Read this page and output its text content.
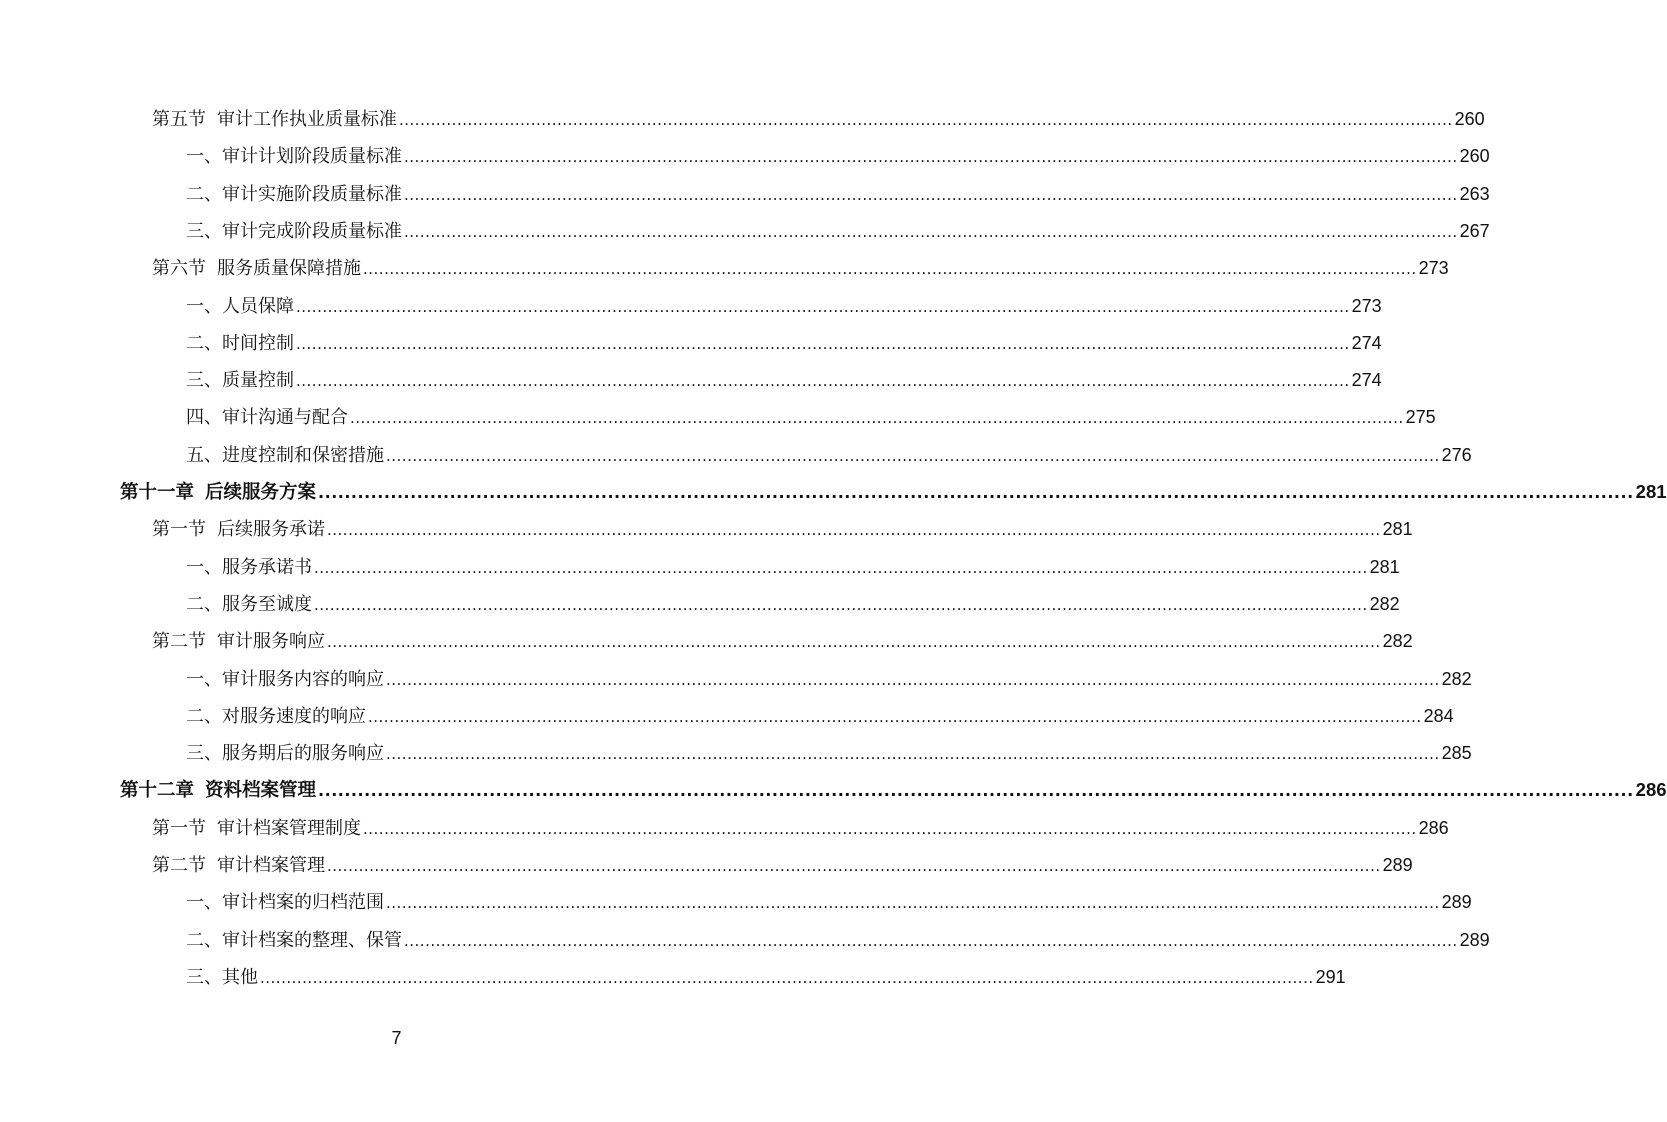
第五节 审计工作执业质量标准 ........................................................................................................................................................................................................ 260
一、 审计计划阶段质量标准 ........................................................................................................................................................................................................ 260
二、 审计实施阶段质量标准 ........................................................................................................................................................................................................ 263
三、 审计完成阶段质量标准 ........................................................................................................................................................................................................ 267
第六节 服务质量保障措施 ........................................................................................................................................................................................................ 273
一、 人员保障 ........................................................................................................................................................................................................ 273
二、 时间控制 ........................................................................................................................................................................................................ 274
三、 质量控制 ........................................................................................................................................................................................................ 274
四、 审计沟通与配合 ........................................................................................................................................................................................................ 275
五、 进度控制和保密措施 ........................................................................................................................................................................................................ 276
第十一章 后续服务方案 ........................................................................................................................................................................................................ 281
第一节 后续服务承诺 ........................................................................................................................................................................................................ 281
一、 服务承诺书 ........................................................................................................................................................................................................ 281
二、 服务至诚度 ........................................................................................................................................................................................................ 282
第二节 审计服务响应 ........................................................................................................................................................................................................ 282
一、 审计服务内容的响应 ........................................................................................................................................................................................................ 282
二、 对服务速度的响应 ........................................................................................................................................................................................................ 284
三、 服务期后的服务响应 ........................................................................................................................................................................................................ 285
第十二章 资料档案管理 ........................................................................................................................................................................................................ 286
第一节 审计档案管理制度 ........................................................................................................................................................................................................ 286
第二节 审计档案管理 ........................................................................................................................................................................................................ 289
一、 审计档案的归档范围 ........................................................................................................................................................................................................ 289
二、 审计档案的整理、保管 ........................................................................................................................................................................................................ 289
三、 其他 ........................................................................................................................................................................................................ 291
7
